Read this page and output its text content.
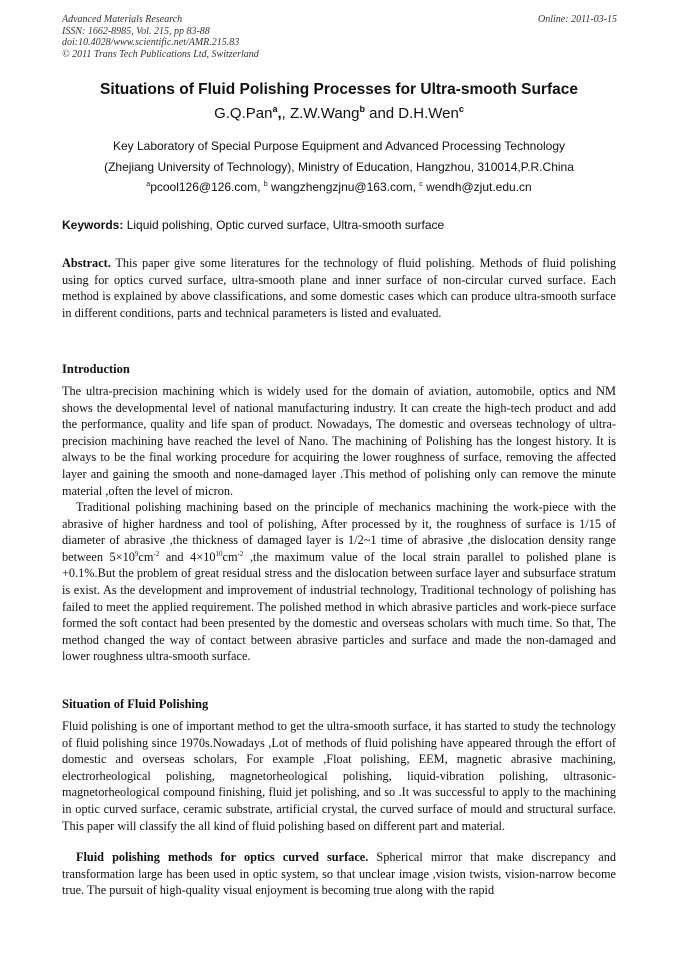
Advanced Materials Research
ISSN: 1662-8985, Vol. 215, pp 83-88
doi:10.4028/www.scientific.net/AMR.215.83
© 2011 Trans Tech Publications Ltd, Switzerland
Online: 2011-03-15
Situations of Fluid Polishing Processes for Ultra-smooth Surface
G.Q.Pan$^a$,, Z.W.Wang$^b$ and D.H.Wen$^c$
Key Laboratory of Special Purpose Equipment and Advanced Processing Technology
(Zhejiang University of Technology), Ministry of Education, Hangzhou, 310014,P.R.China
$^a$pcool126@126.com, $^b$ wangzhengzjnu@163.com, $^c$ wendh@zjut.edu.cn
Keywords: Liquid polishing, Optic curved surface, Ultra-smooth surface
Abstract. This paper give some literatures for the technology of fluid polishing. Methods of fluid polishing using for optics curved surface, ultra-smooth plane and inner surface of non-circular curved surface. Each method is explained by above classifications, and some domestic cases which can produce ultra-smooth surface in different conditions, parts and technical parameters is listed and evaluated.
Introduction
The ultra-precision machining which is widely used for the domain of aviation, automobile, optics and NM shows the developmental level of national manufacturing industry. It can create the high-tech product and add the performance, quality and life span of product. Nowadays, The domestic and overseas technology of ultra-precision machining have reached the level of Nano. The machining of Polishing has the longest history. It is always to be the final working procedure for acquiring the lower roughness of surface, removing the affected layer and gaining the smooth and none-damaged layer .This method of polishing only can remove the minute material ,often the level of micron.
Traditional polishing machining based on the principle of mechanics machining the work-piece with the abrasive of higher hardness and tool of polishing, After processed by it, the roughness of surface is 1/15 of diameter of abrasive ,the thickness of damaged layer is 1/2~1 time of abrasive ,the dislocation density range between $5\times 10^9cm^{-2}$ and $4\times 10^{10}cm^{-2}$ ,the maximum value of the local strain parallel to polished plane is +0.1%.But the problem of great residual stress and the dislocation between surface layer and subsurface stratum is exist. As the development and improvement of industrial technology, Traditional technology of polishing has failed to meet the applied requirement. The polished method in which abrasive particles and work-piece surface formed the soft contact had been presented by the domestic and overseas scholars with much time. So that, The method changed the way of contact between abrasive particles and surface and made the non-damaged and lower roughness ultra-smooth surface.
Situation of Fluid Polishing
Fluid polishing is one of important method to get the ultra-smooth surface, it has started to study the technology of fluid polishing since 1970s.Nowadays ,Lot of methods of fluid polishing have appeared through the effort of domestic and overseas scholars, For example ,Float polishing, EEM, magnetic abrasive machining, electrorheological polishing, magnetorheological polishing, liquid-vibration polishing, ultrasonic-magnetorheological compound finishing, fluid jet polishing, and so .It was successful to apply to the machining in optic curved surface, ceramic substrate, artificial crystal, the curved surface of mould and structural surface. This paper will classify the all kind of fluid polishing based on different part and material.
Fluid polishing methods for optics curved surface. Spherical mirror that make discrepancy and transformation large has been used in optic system, so that unclear image ,vision twists, vision-narrow become true. The pursuit of high-quality visual enjoyment is becoming true along with the rapid
